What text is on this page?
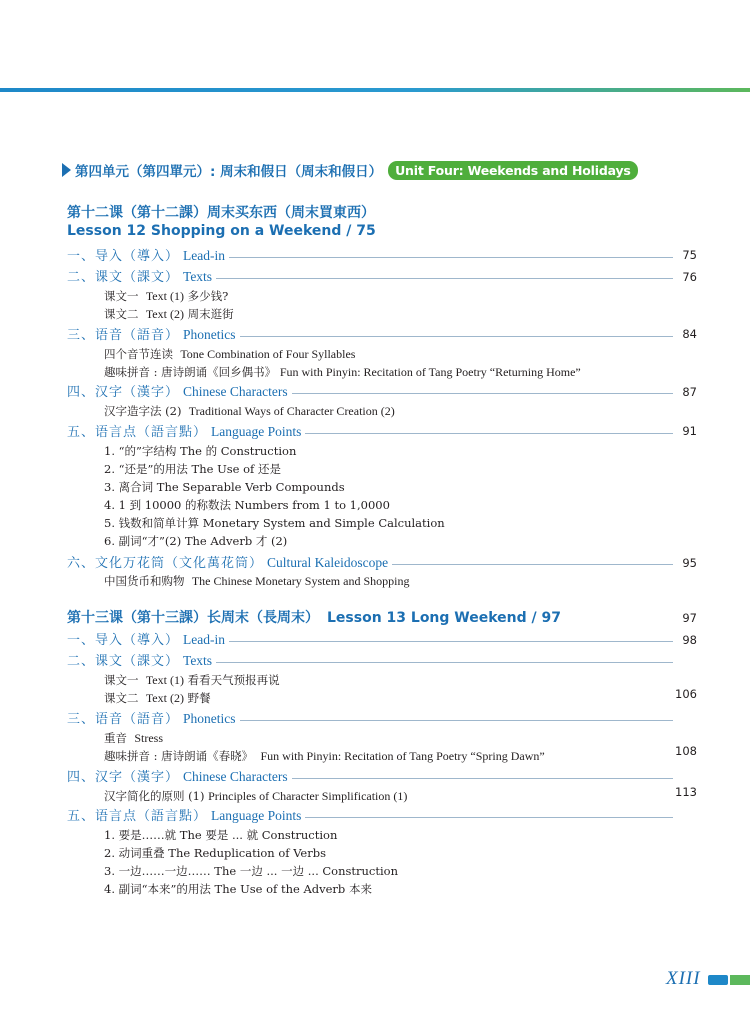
第四单元（第四單元）: 周末和假日（周末和假日）	Unit Four: Weekends and Holidays
第十二课（第十二課）周末买东西（周末買東西）
Lesson 12 Shopping on a Weekend / 75
一、导入（導入） Lead-in	75
二、课文（課文） Texts	76
课文一 Text (1) 多少钱?
课文二 Text (2) 周末逛街
三、语音（語音） Phonetics	84
四个音节连读 Tone Combination of Four Syllables
趣味拼音 : 唐诗朗诵《回乡偶书》 Fun with Pinyin: Recitation of Tang Poetry “Returning Home”
四、汉字（漢字） Chinese Characters	87
汉字造字法 (2) Traditional Ways of Character Creation (2)
五、语言点（語言點） Language Points	91
1. “的”字结构 The 的 Construction
2. “还是”的用法 The Use of 还是
3. 离合词 The Separable Verb Compounds
4. 1 到 10000 的称数法 Numbers from 1 to 1,0000
5. 钱数和简单计算 Monetary System and Simple Calculation
6. 副词“才”(2) The Adverb 才 (2)
六、文化万花筒（文化萬花筒） Cultural Kaleidoscope	95
中国货币和购物 The Chinese Monetary System and Shopping
第十三课（第十三課）长周末（長周末） Lesson 13 Long Weekend / 97	97
一、导入（導入） Lead-in	98
二、课文（課文） Texts
课文一 Text (1) 看看天气预报再说
课文二 Text (2) 野餐	106
三、语音（語音） Phonetics
重音 Stress
趣味拼音 : 唐诗朗诵《春晓》 Fun with Pinyin: Recitation of Tang Poetry “Spring Dawn”	108
四、汉字（漢字） Chinese Characters
汉字简化的原则 (1) Principles of Character Simplification (1)	113
五、语言点（語言點） Language Points
1. 要是……就 The 要是 ... 就 Construction
2. 动词重叠 The Reduplication of Verbs
3. 一边……一边…… The 一边 ... 一边 ... Construction
4. 副词“本来”的用法 The Use of the Adverb 本来
XIII
